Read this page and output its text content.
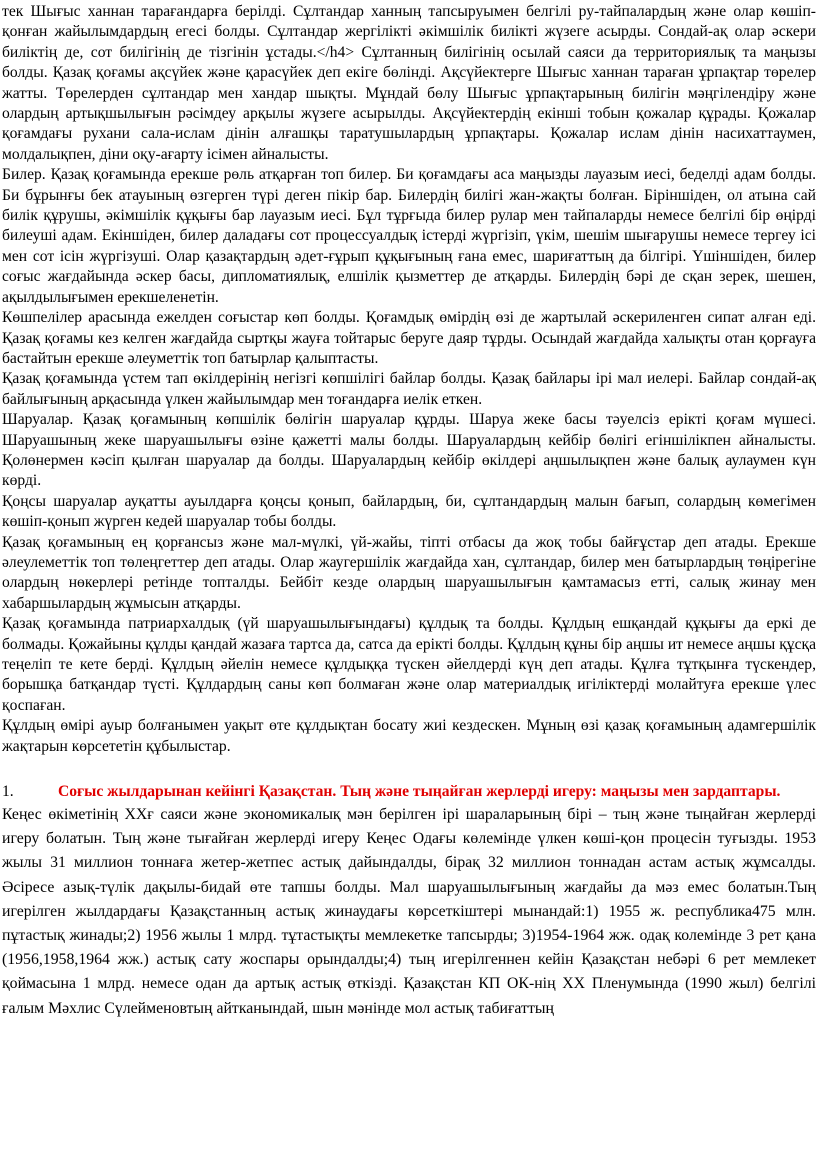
тек Шығыс ханнан тарағандарға берілді. Сұлтандар ханның тапсыруымен белгілі ру-тайпалардың және олар көшіп-қонған жайылымдардың егесі болды. Сұлтандар жергілікті әкімшілік билікті жүзеге асырды. Сондай-ақ олар әскери биліктің де, сот билігінің де тізгінін ұстады.</h4> Сұлтанның билігінің осылай саяси да территориялық та маңызы болды. Қазақ қоғамы ақсүйек және қарасүйек деп екіге бөлінді. Ақсүйектерге Шығыс ханнан тараған ұрпақтар төрелер жатты. Төрелерден сұлтандар мен хандар шықты. Мұндай бөлу Шығыс ұрпақтарының билігін мәңгілендіру және олардың артықшылығын рәсімдеу арқылы жүзеге асырылды. Ақсүйектердің екінші тобын қожалар құрады. Қожалар қоғамдағы рухани сала-ислам дінін алғашқы таратушылардың ұрпақтары. Қожалар ислам дінін насихаттаумен, молдалықпен, діни оқу-ағарту ісімен айналысты.

Билер. Қазақ қоғамында ерекше рөль атқарған топ билер. Би қоғамдағы аса маңызды лауазым иесі, беделді адам болды. Би бұрынғы бек атауының өзгерген түрі деген пікір бар. Билердің билігі жан-жақты болған. Біріншіден, ол атына сай билік құрушы, әкімшілік құқығы бар лауазым иесі. Бұл тұрғыда билер рулар мен тайпаларды немесе белгілі бір өңірді билеуші адам. Екіншіден, билер даладағы сот процессуалдық істерді жүргізіп, үкім, шешім шығарушы немесе тергеу ісі мен сот ісін жүргізуші. Олар қазақтардың әдет-ғұрып құқығының ғана емес, шариғаттың да білгірі. Үшіншіден, билер соғыс жағдайында әскер басы, дипломатиялық, елшілік қызметтер де атқарды. Билердің бәрі де сқан зерек, шешен, ақылдылығымен ерекшеленетін.

Көшпелілер арасында ежелден соғыстар көп болды. Қоғамдық өмірдің өзі де жартылай әскериленген сипат алған еді. Қазақ қоғамы кез келген жағдайда сыртқы жауға тойтарыс беруге даяр тұрды. Осындай жағдайда халықты отан қорғауға бастайтын ерекше әлеуметтік топ батырлар қалыптасты.

Қазақ қоғамында үстем тап өкілдерінің негізгі көпшілігі байлар болды. Қазақ байлары ірі мал иелері. Байлар сондай-ақ байлығының арқасында үлкен жайылымдар мен тоғандарға иелік еткен.

Шаруалар. Қазақ қоғамының көпшілік бөлігін шаруалар құрды. Шаруа жеке басы тәуелсіз ерікті қоғам мүшесі. Шаруашының жеке шаруашылығы өзіне қажетті малы болды. Шаруалардың кейбір бөлігі егіншілікпен айналысты. Қолөнермен кәсіп қылған шаруалар да болды. Шаруалардың кейбір өкілдері аңшылықпен және балық аулаумен күн көрді.

Қоңсы шаруалар ауқатты ауылдарға қоңсы қонып, байлардың, би, сұлтандардың малын бағып, солардың көмегімен көшіп-қонып жүрген кедей шаруалар тобы болды.

Қазақ қоғамының ең қорғансыз және мал-мүлкі, үй-жайы, тіпті отбасы да жоқ тобы байғұстар деп атады. Ерекше әлеулеметтік топ төлеңгеттер деп атады. Олар жаугершілік жағдайда хан, сұлтандар, билер мен батырлардың төңірегіне олардың нөкерлері ретінде топталды. Бейбіт кезде олардың шаруашылығын қамтамасыз етті, салық жинау мен хабаршылардың жұмысын атқарды.

Қазақ қоғамында патриархалдық (үй шаруашылығындағы) құлдық та болды. Құлдың ешқандай құқығы да еркі де болмады. Қожайыны құлды қандай жазаға тартса да, сатса да ерікті болды. Құлдың құны бір аңшы ит немесе аңшы құсқа теңеліп те кете берді. Құлдың әйелін немесе құлдыққа түскен әйелдерді күң деп атады. Құлға тұтқынға түскендер, борышқа батқандар түсті. Құлдардың саны көп болмаған және олар материалдық игіліктерді молайтуға ерекше үлес қоспаған.

Құлдың өмірі ауыр болғанымен уақыт өте құлдықтан босату жиі кездескен. Мұның өзі қазақ қоғамының адамгершілік жақтарын көрсететін құбылыстар.

1.	Соғыс жылдарынан кейінгі Қазақстан. Тың және тыңайған жерлерді игеру: маңызы мен зардаптары.

Кеңес өкіметінің ХХғ саяси және экономикалық мән берілген ірі шараларының бірі – тың және тыңайған жерлерді игеру болатын. Тың және тығайған жерлерді игеру Кеңес Одағы көлемінде үлкен көші-қон процесін туғызды. 1953 жылы 31 миллион тоннаға жетер-жетпес астық дайындалды, бірақ 32 миллион тоннадан астам астық жұмсалды. Әсіресе азық-түлік дақылы-бидай өте тапшы болды. Мал шаруашылығының жағдайы да мәз емес болатын.Тың игерілген жылдардағы Қазақстанның астық жинаудағы көрсеткіштері мынандай:1) 1955 ж. республика475 млн. пұтастық жинады;2) 1956 жылы 1 млрд. тұтастықты мемлекетке тапсырды; 3)1954-1964 жж. одақ колемінде 3 рет қана (1956,1958,1964 жж.) астық сату жоспары орындалды;4) тың игерілгеннен кейін Қазақстан небәрі 6 рет мемлекет қоймасына 1 млрд. немесе одан да артық астық өткізді. Қазақстан КП ОК-нің ХХ Пленумында (1990 жыл) белгілі ғалым Мәхлис Сүлейменовтың айтканындай, шын мәнінде мол астық табиғаттың
